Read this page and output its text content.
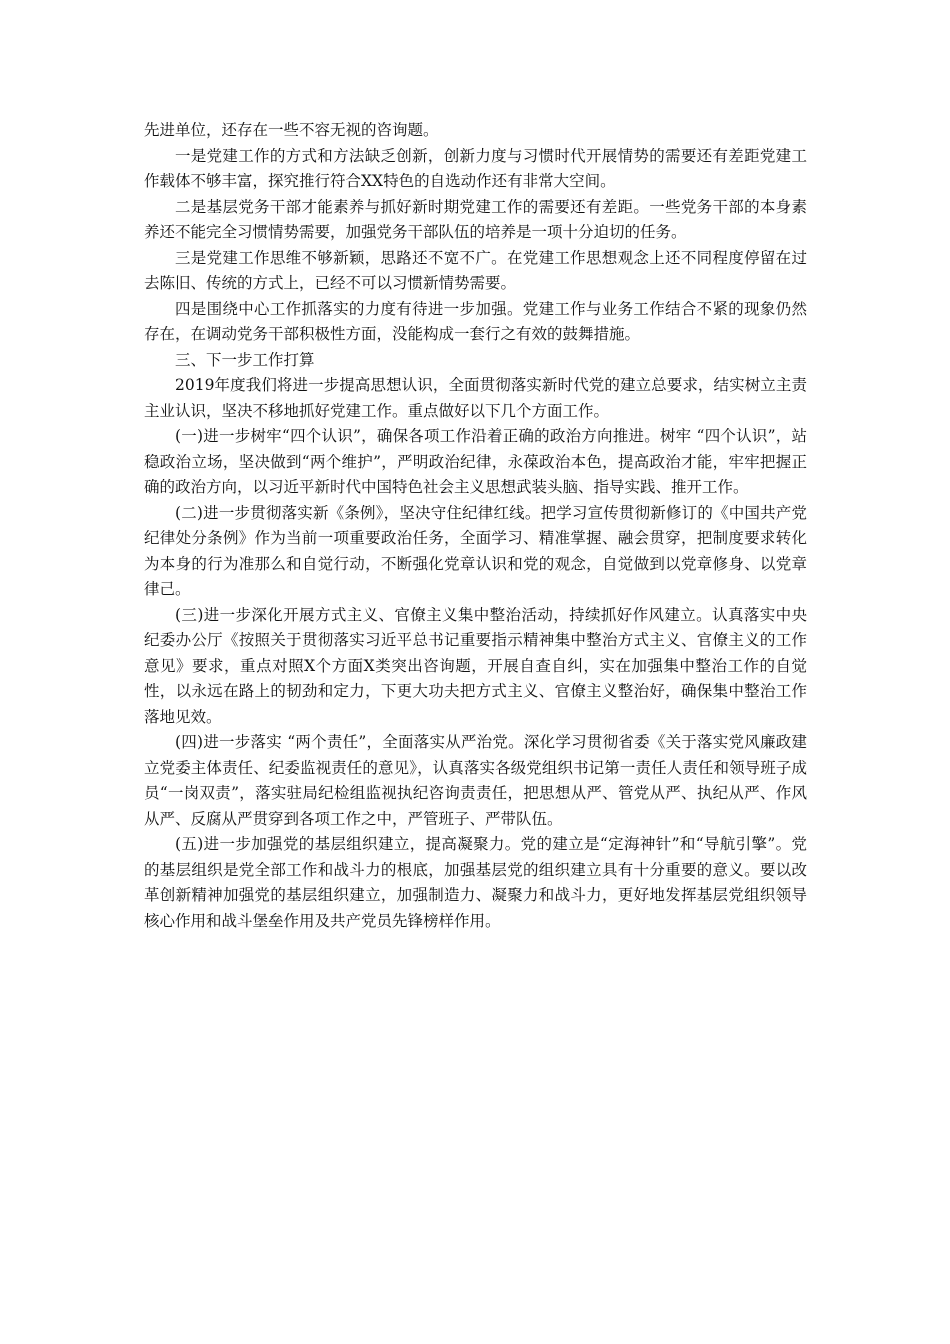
先进单位，还存在一些不容无视的咨询题。

一是党建工作的方式和方法缺乏创新，创新力度与习惯时代开展情势的需要还有差距党建工作载体不够丰富，探究推行符合XX特色的自选动作还有非常大空间。

二是基层党务干部才能素养与抓好新时期党建工作的需要还有差距。一些党务干部的本身素养还不能完全习惯情势需要，加强党务干部队伍的培养是一项十分迫切的任务。

三是党建工作思维不够新颖，思路还不宽不广。在党建工作思想观念上还不同程度停留在过去陈旧、传统的方式上，已经不可以习惯新情势需要。

四是围绕中心工作抓落实的力度有待进一步加强。党建工作与业务工作结合不紧的现象仍然存在，在调动党务干部积极性方面，没能构成一套行之有效的鼓舞措施。

三、下一步工作打算

2019年度我们将进一步提高思想认识，全面贯彻落实新时代党的建立总要求，结实树立主责主业认识，坚决不移地抓好党建工作。重点做好以下几个方面工作。

(一)进一步树牢“四个认识”，确保各项工作沿着正确的政治方向推进。树牢 “四个认识”，站稳政治立场，坚决做到“两个维护”，严明政治纪律，永葆政治本色，提高政治才能，牢牢把握正确的政治方向，以习近平新时代中国特色社会主义思想武装头脑、指导实践、推开工作。

(二)进一步贯彻落实新《条例》，坚决守住纪律红线。把学习宣传贯彻新修订的《中国共产党纪律处分条例》作为当前一项重要政治任务，全面学习、精准掌握、融会贯穿，把制度要求转化为本身的行为准那么和自觉行动，不断强化党章认识和党的观念，自觉做到以党章修身、以党章律己。

(三)进一步深化开展方式主义、官僚主义集中整治活动，持续抓好作风建立。认真落实中央纪委办公厅《按照关于贯彻落实习近平总书记重要指示精神集中整治方式主义、官僚主义的工作意见》要求，重点对照X个方面X类突出咨询题，开展自查自纠，实在加强集中整治工作的自觉性，以永远在路上的韧劲和定力，下更大功夫把方式主义、官僚主义整治好，确保集中整治工作落地见效。

(四)进一步落实 “两个责任”，全面落实从严治党。深化学习贯彻省委《关于落实党风廉政建立党委主体责任、纪委监视责任的意见》，认真落实各级党组织书记第一责任人责任和领导班子成员“一岗双责”，落实驻局纪检组监视执纪咨询责责任，把思想从严、管党从严、执纪从严、作风从严、反腐从严贯穿到各项工作之中，严管班子、严带队伍。

(五)进一步加强党的基层组织建立，提高凝聚力。党的建立是“定海神针”和“导航引擎”。党的基层组织是党全部工作和战斗力的根底，加强基层党的组织建立具有十分重要的意义。要以改革创新精神加强党的基层组织建立，加强制造力、凝聚力和战斗力，更好地发挥基层党组织领导核心作用和战斗堡垒作用及共产党员先锋榜样作用。
